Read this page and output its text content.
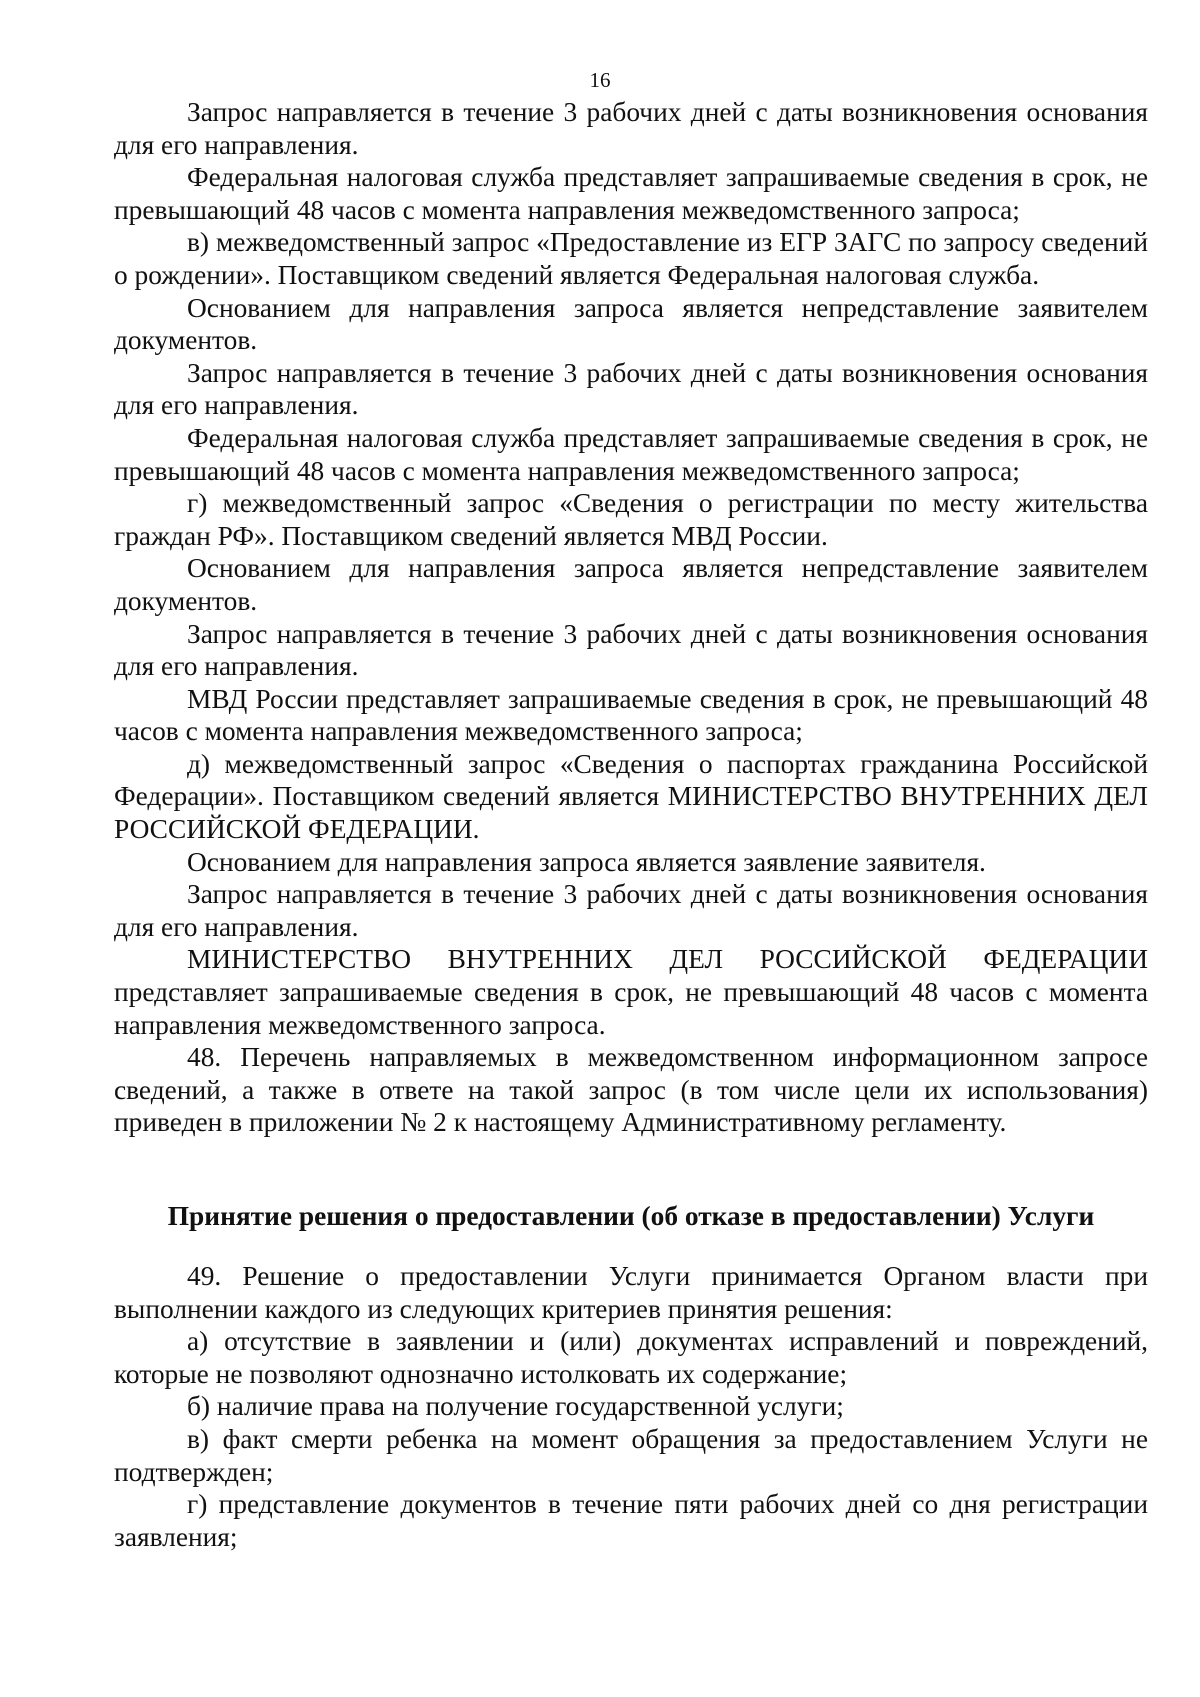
16

Запрос направляется в течение 3 рабочих дней с даты возникновения основания для его направления.

Федеральная налоговая служба представляет запрашиваемые сведения в срок, не превышающий 48 часов с момента направления межведомственного запроса;

в) межведомственный запрос «Предоставление из ЕГР ЗАГС по запросу сведений о рождении». Поставщиком сведений является Федеральная налоговая служба.

Основанием для направления запроса является непредставление заявителем документов.

Запрос направляется в течение 3 рабочих дней с даты возникновения основания для его направления.

Федеральная налоговая служба представляет запрашиваемые сведения в срок, не превышающий 48 часов с момента направления межведомственного запроса;

г) межведомственный запрос «Сведения о регистрации по месту жительства граждан РФ». Поставщиком сведений является МВД России.

Основанием для направления запроса является непредставление заявителем документов.

Запрос направляется в течение 3 рабочих дней с даты возникновения основания для его направления.

МВД России представляет запрашиваемые сведения в срок, не превышающий 48 часов с момента направления межведомственного запроса;

д) межведомственный запрос «Сведения о паспортах гражданина Российской Федерации». Поставщиком сведений является МИНИСТЕРСТВО ВНУТРЕННИХ ДЕЛ РОССИЙСКОЙ ФЕДЕРАЦИИ.

Основанием для направления запроса является заявление заявителя.

Запрос направляется в течение 3 рабочих дней с даты возникновения основания для его направления.

МИНИСТЕРСТВО ВНУТРЕННИХ ДЕЛ РОССИЙСКОЙ ФЕДЕРАЦИИ представляет запрашиваемые сведения в срок, не превышающий 48 часов с момента направления межведомственного запроса.

48. Перечень направляемых в межведомственном информационном запросе сведений, а также в ответе на такой запрос (в том числе цели их использования) приведен в приложении № 2 к настоящему Административному регламенту.

Принятие решения о предоставлении (об отказе в предоставлении) Услуги

49. Решение о предоставлении Услуги принимается Органом власти при выполнении каждого из следующих критериев принятия решения:

а) отсутствие в заявлении и (или) документах исправлений и повреждений, которые не позволяют однозначно истолковать их содержание;

б) наличие права на получение государственной услуги;

в) факт смерти ребенка на момент обращения за предоставлением Услуги не подтвержден;

г) представление документов в течение пяти рабочих дней со дня регистрации заявления;
